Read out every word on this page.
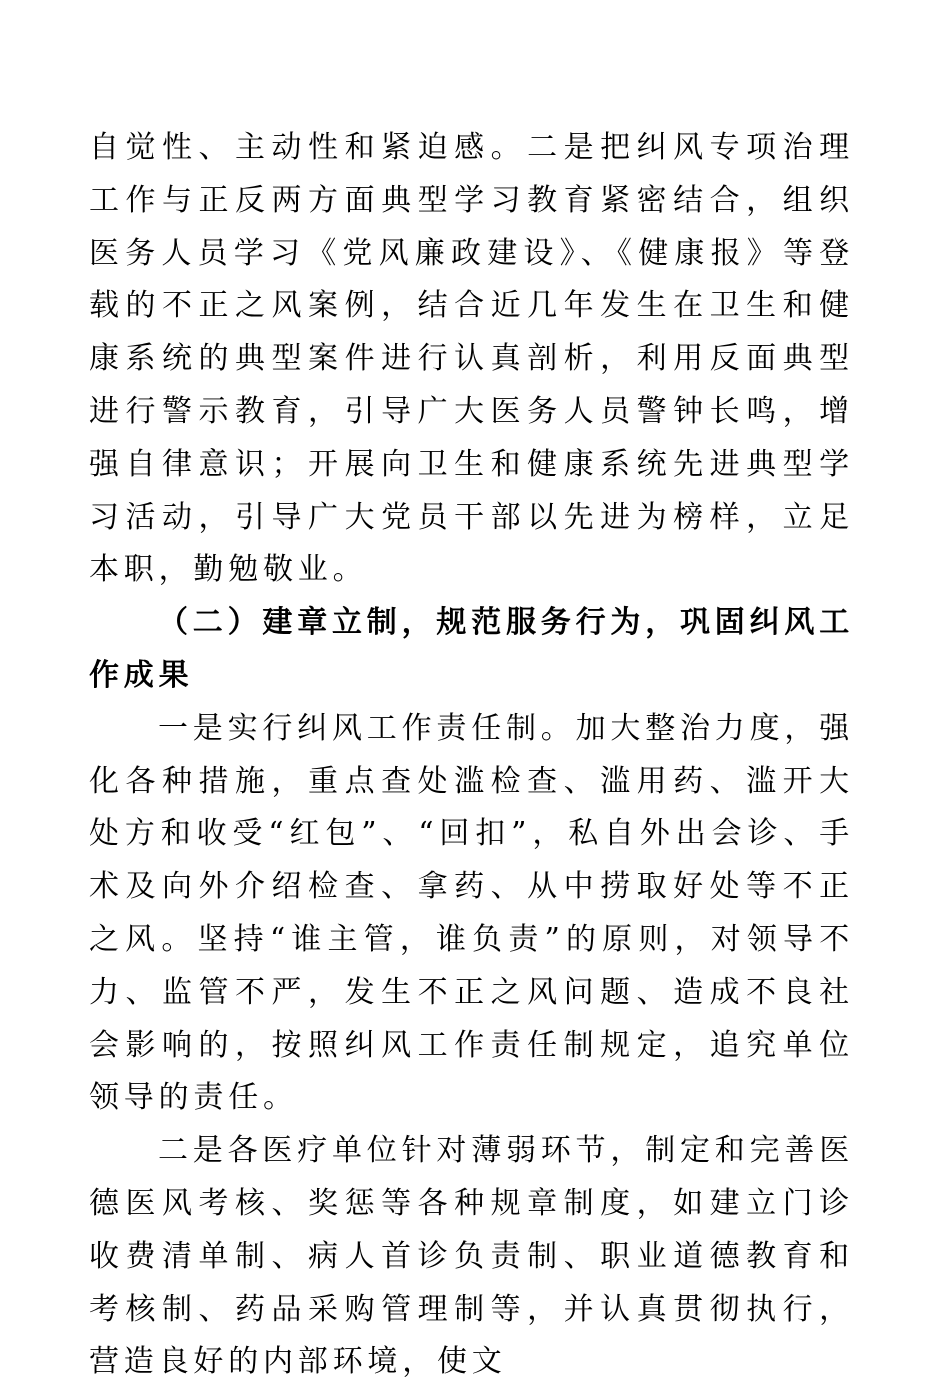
自觉性、主动性和紧迫感。二是把纠风专项治理工作与正反两方面典型学习教育紧密结合，组织医务人员学习《党风廉政建设》、《健康报》等登载的不正之风案例，结合近几年发生在卫生和健康系统的典型案件进行认真剖析，利用反面典型进行警示教育，引导广大医务人员警钟长鸣，增强自律意识；开展向卫生和健康系统先进典型学习活动，引导广大党员干部以先进为榜样，立足本职，勤勉敬业。

（二）建章立制，规范服务行为，巩固纠风工作成果

一是实行纠风工作责任制。加大整治力度，强化各种措施，重点查处滥检查、滥用药、滥开大处方和收受“红包”、“回扣”，私自外出会诊、手术及向外介绍检查、拿药、从中捞取好处等不正之风。坚持“谁主管，谁负责”的原则，对领导不力、监管不严，发生不正之风问题、造成不良社会影响的，按照纠风工作责任制规定，追究单位领导的责任。

二是各医疗单位针对薄弱环节，制定和完善医德医风考核、奖惩等各种规章制度，如建立门诊收费清单制、病人首诊负责制、职业道德教育和考核制、药品采购管理制等，并认真贯彻执行，营造良好的内部环境，使文
